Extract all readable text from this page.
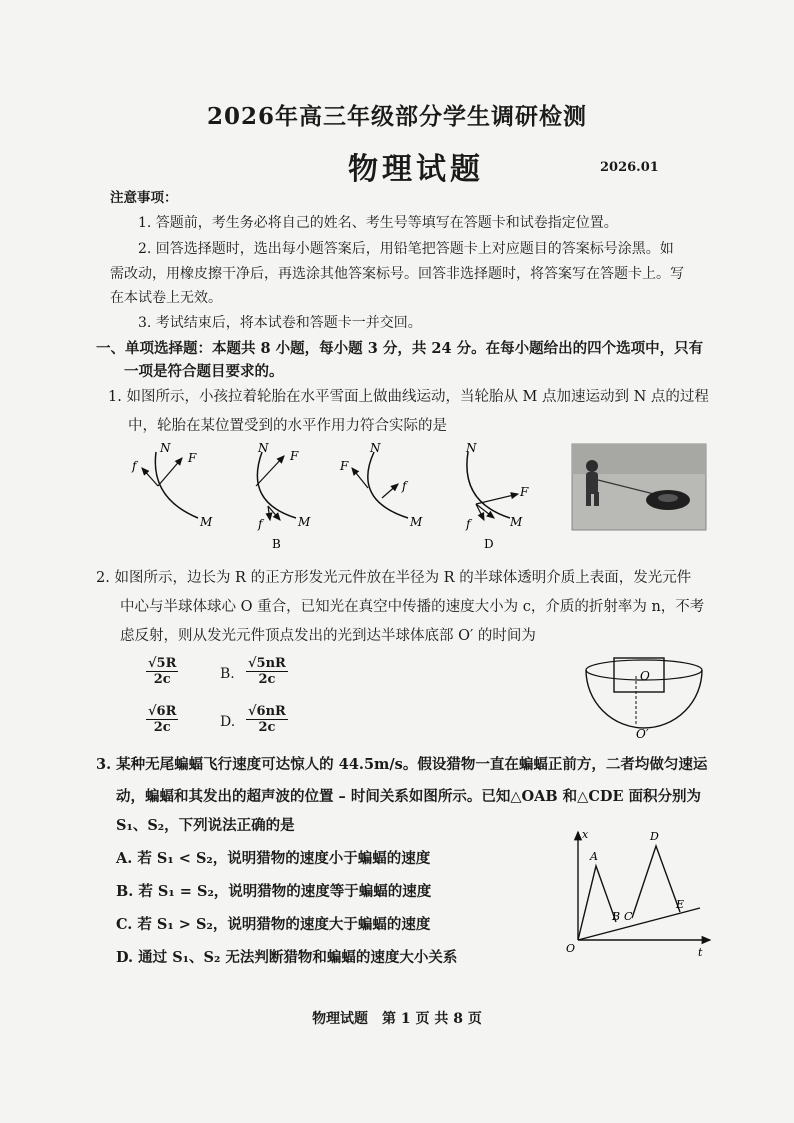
2026年高三年级部分学生调研检测
物理试题	2026.01
注意事项：
1. 答题前，考生务必将自己的姓名、考生号等填写在答题卡和试卷指定位置。
2. 回答选择题时，选出每小题答案后，用铅笔把答题卡上对应题目的答案标号涂黑。如
需改动，用橡皮擦干净后，再选涂其他答案标号。回答非选择题时，将答案写在答题卡上。写
在本试卷上无效。
3. 考试结束后，将本试卷和答题卡一并交回。
一、单项选择题：本题共 8 小题，每小题 3 分，共 24 分。在每小题给出的四个选项中，只有
一项是符合题目要求的。
1. 如图所示，小孩拉着轮胎在水平雪面上做曲线运动，当轮胎从 M 点加速运动到 N 点的过程
中，轮胎在某位置受到的水平作用力符合实际的是
N
F
f
M
N
F
f	M
B
N
F
f
M
N
F
f	M
D
2. 如图所示，边长为 R 的正方形发光元件放在半径为 R 的半球体透明介质上表面，发光元件
中心与半球体球心 O 重合，已知光在真空中传播的速度大小为 c，介质的折射率为 n，不考
虑反射，则从发光元件顶点发出的光到达半球体底部 O′ 的时间为
$\frac{√5R}{2c}$	B. $\frac{√5nR}{2c}$
$\frac{√6R}{2c}$	D. $\frac{√6nR}{2c}$
O
O′
3. 某种无尾蝙蝠飞行速度可达惊人的 44.5m/s。假设猎物一直在蝙蝠正前方，二者均做匀速运
动，蝙蝠和其发出的超声波的位置 – 时间关系如图所示。已知△OAB 和△CDE 面积分别为
S₁、S₂，下列说法正确的是
A. 若 S₁ < S₂，说明猎物的速度小于蝙蝠的速度
B. 若 S₁ = S₂，说明猎物的速度等于蝙蝠的速度
C. 若 S₁ > S₂，说明猎物的速度大于蝙蝠的速度
D. 通过 S₁、S₂ 无法判断猎物和蝙蝠的速度大小关系
x
t
O
A
B C
D
E
物理试题　第 1 页 共 8 页
